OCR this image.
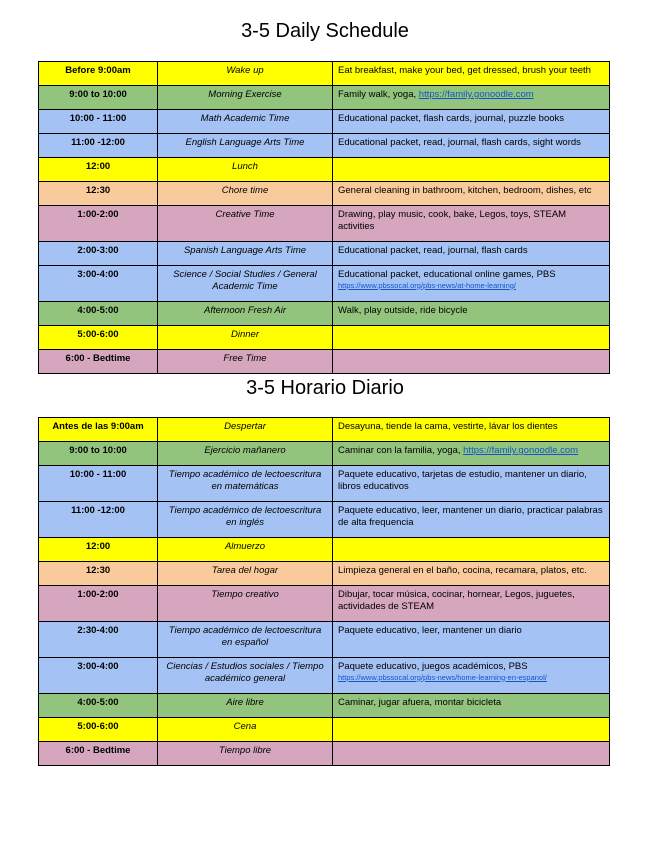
3-5 Daily Schedule
Before 9:00am	Wake up	Eat breakfast, make your bed, get dressed, brush your teeth
9:00 to 10:00	Morning Exercise	Family walk, yoga, https://family.gonoodle.com
10:00 - 11:00	Math Academic Time	Educational packet, flash cards, journal, puzzle books
11:00 -12:00	English Language Arts Time	Educational packet, read, journal, flash cards, sight words
12:00	Lunch	
12:30	Chore time	General cleaning in bathroom, kitchen, bedroom, dishes, etc
1:00-2:00	Creative Time	Drawing, play music, cook, bake, Legos, toys, STEAM activities
2:00-3:00	Spanish Language Arts Time	Educational packet, read, journal, flash cards
3:00-4:00	Science / Social Studies / General Academic Time	Educational packet, educational online games, PBS
https://www.pbssocal.org/pbs-news/at-home-learning/

4:00-5:00	Afternoon Fresh Air	Walk, play outside, ride bicycle
5:00-6:00	Dinner	
6:00 - Bedtime	Free Time	
3-5 Horario Diario
Antes de las 9:00am	Despertar	Desayuna, tiende la cama, vestirte, lávar los dientes
9:00 to 10:00	Ejercicio mañanero	Caminar con la familia, yoga, https://family.gonoodle.com
10:00 - 11:00	Tiempo académico de lectoescritura en matemáticas	Paquete educativo, tarjetas de estudio, mantener un diario, libros educativos
11:00 -12:00	Tiempo académico de lectoescritura en inglés	Paquete educativo, leer, mantener un diario, practicar palabras de alta frequencia
12:00	Almuerzo	
12:30	Tarea del hogar	Limpieza general en el baño, cocina, recamara, platos, etc.
1:00-2:00	Tiempo creativo	Dibujar, tocar música, cocinar, hornear, Legos, juguetes, actividades de STEAM
2:30-4:00	Tiempo académico de lectoescritura en español	Paquete educativo, leer, mantener un diario
3:00-4:00	Ciencias / Estudios sociales / Tiempo académico general	Paquete educativo, juegos académicos, PBS
https://www.pbssocal.org/pbs-news/home-learning-en-espanol/

4:00-5:00	Aire libre	Caminar, jugar afuera, montar bicicleta
5:00-6:00	Cena	
6:00 - Bedtime	Tiempo libre	
